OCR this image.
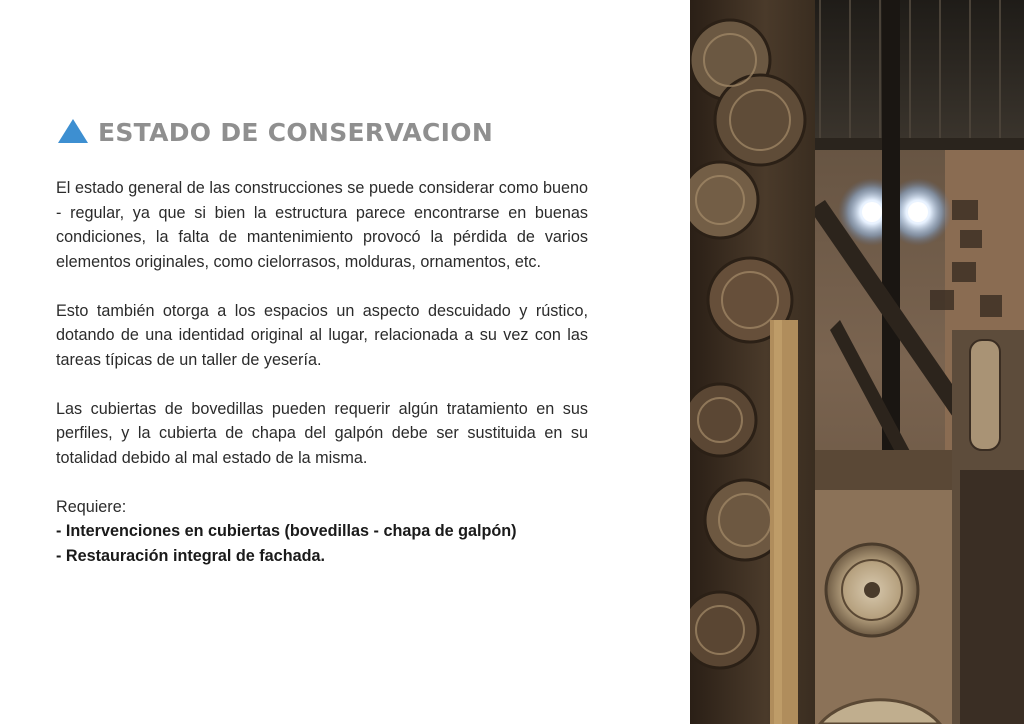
ESTADO DE CONSERVACION

El estado general de las construcciones se puede considerar como bueno - regular, ya que si bien la estructura parece encontrarse en buenas condiciones, la falta de mantenimiento provocó la pérdida de varios elementos originales, como cielorrasos, molduras, ornamentos, etc.

Esto también otorga a los espacios un aspecto descuidado y rústico, dotando de una identidad original al lugar, relacionada a su vez con las tareas típicas de un taller de yesería.

Las cubiertas de bovedillas pueden requerir algún tratamiento en sus perfiles, y la cubierta de chapa del galpón debe ser sustituida en su totalidad debido al mal estado de la misma.

Requiere:
- Intervenciones en cubiertas (bovedillas - chapa de galpón)
- Restauración integral de fachada.
